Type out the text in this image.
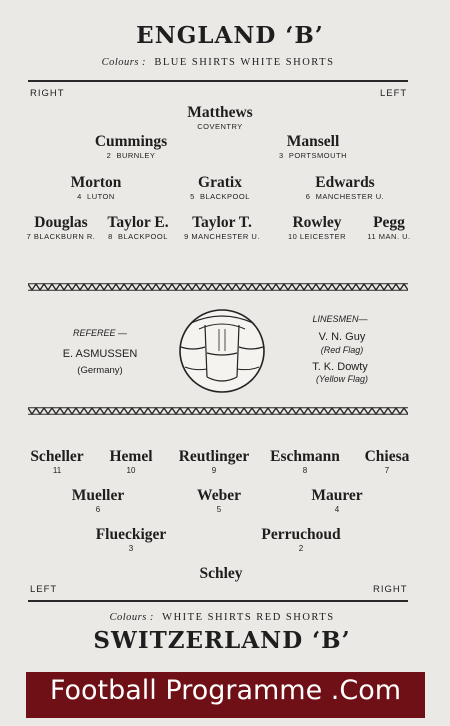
ENGLAND ‘B’
Colours : BLUE SHIRTS WHITE SHORTS
RIGHT	LEFT
Matthews
COVENTRY
Cummings
2 BURNLEY
Mansell
3 PORTSMOUTH
Morton
4 LUTON
Gratix
5 BLACKPOOL
Edwards
6 MANCHESTER U.
Douglas
7 BLACKBURN R.
Taylor E.
8 BLACKPOOL
Taylor T.
9 MANCHESTER U.
Rowley
10 LEICESTER
Pegg
11 MAN. U.
REFEREE —
E. ASMUSSEN
(Germany)
LINESMEN—
V. N. Guy
(Red Flag)
T. K. Dowty
(Yellow Flag)
Scheller
11
Hemel
10
Reutlinger
9
Eschmann
8
Chiesa
7
Mueller
6
Weber
5
Maurer
4
Flueckiger
3
Perruchoud
2
Schley
LEFT	RIGHT
Colours : WHITE SHIRTS RED SHORTS
SWITZERLAND ‘B’
Football Programme .Com
